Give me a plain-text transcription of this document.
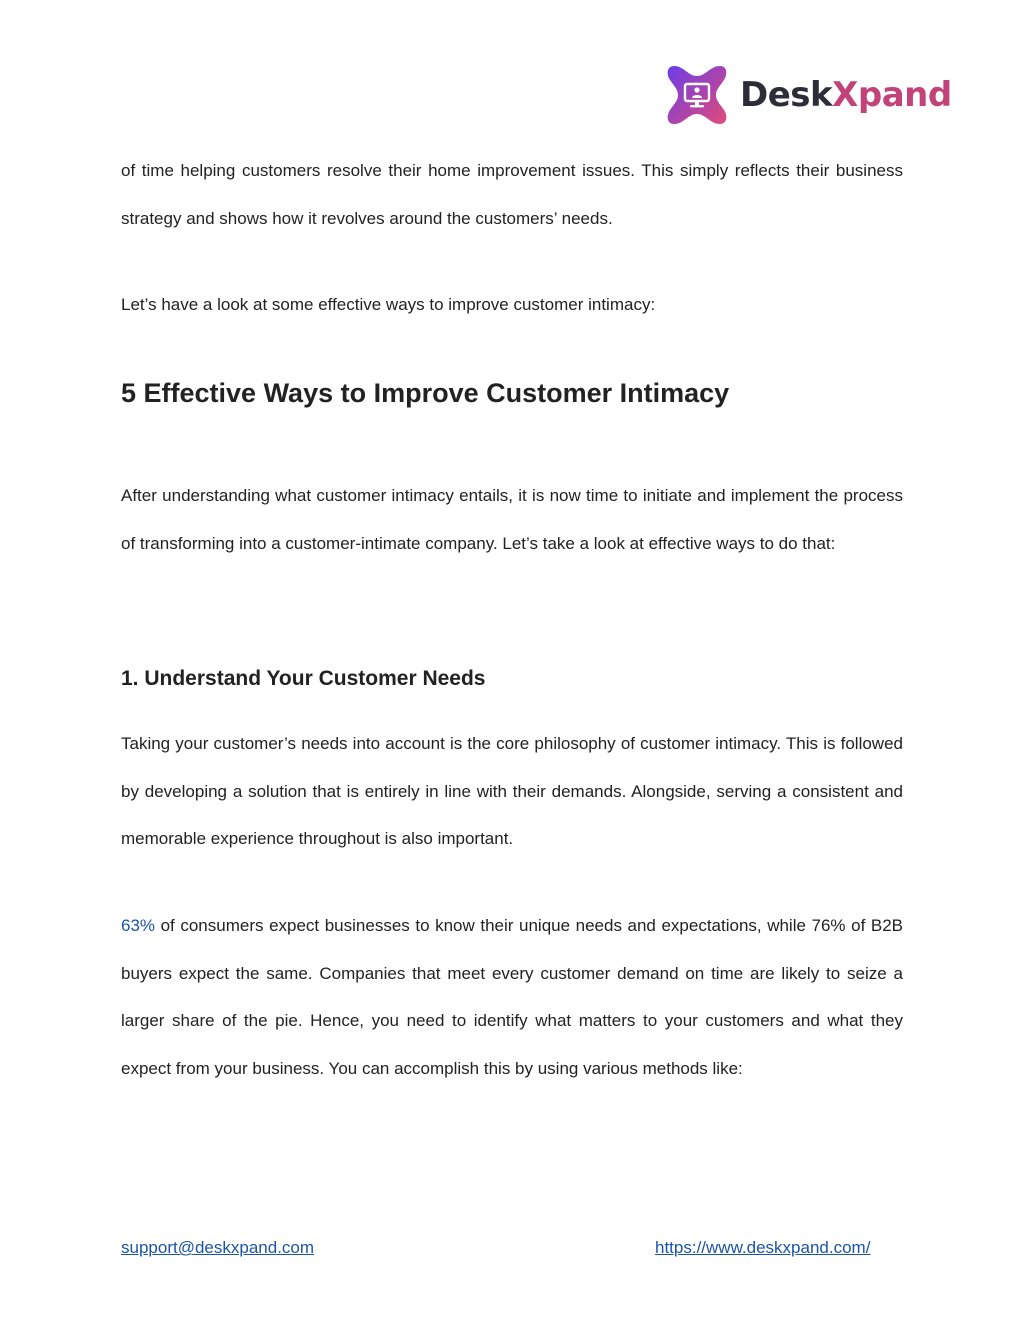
DeskXpand

of time helping customers resolve their home improvement issues. This simply reflects their business strategy and shows how it revolves around the customers’ needs.

Let’s have a look at some effective ways to improve customer intimacy:

5 Effective Ways to Improve Customer Intimacy

After understanding what customer intimacy entails, it is now time to initiate and implement the process of transforming into a customer-intimate company. Let’s take a look at effective ways to do that:

1. Understand Your Customer Needs

Taking your customer’s needs into account is the core philosophy of customer intimacy. This is followed by developing a solution that is entirely in line with their demands. Alongside, serving a consistent and memorable experience throughout is also important.

63% of consumers expect businesses to know their unique needs and expectations, while 76% of B2B buyers expect the same. Companies that meet every customer demand on time are likely to seize a larger share of the pie. Hence, you need to identify what matters to your customers and what they expect from your business. You can accomplish this by using various methods like:

support@deskxpand.com	https://www.deskxpand.com/
